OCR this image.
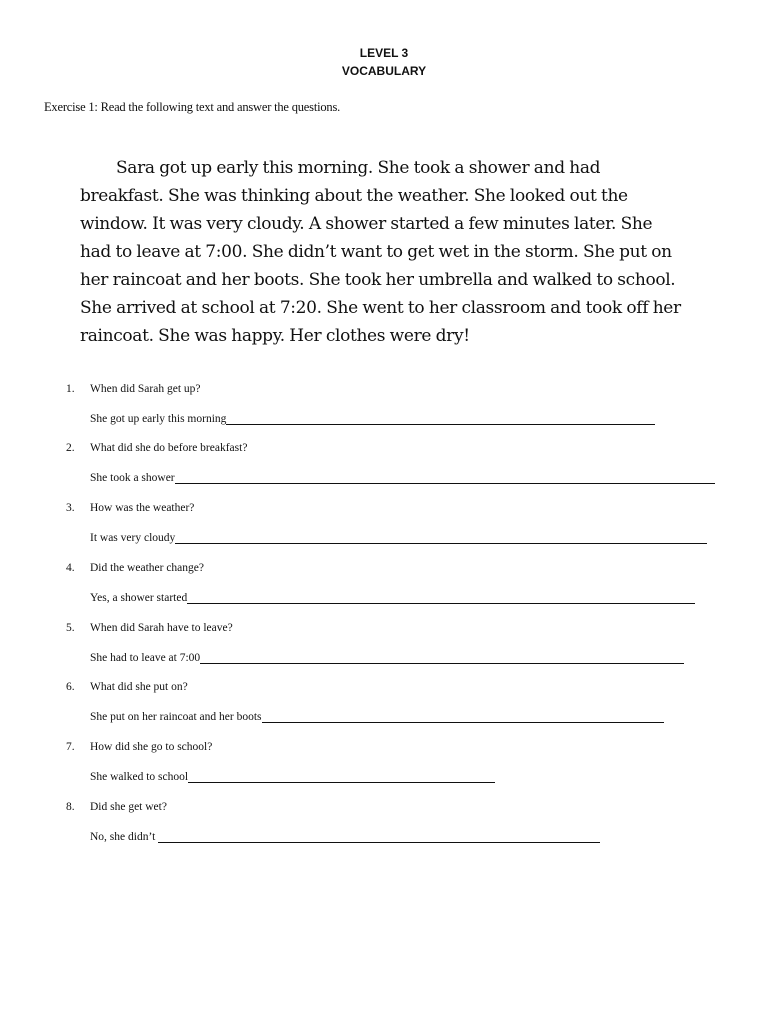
LEVEL 3
VOCABULARY
Exercise 1: Read the following text and answer the questions.
Sara got up early this morning. She took a shower and had
breakfast. She was thinking about the weather. She looked out the
window. It was very cloudy. A shower started a few minutes later. She
had to leave at 7:00. She didn’t want to get wet in the storm. She put on
her raincoat and her boots. She took her umbrella and walked to school.
She arrived at school at 7:20. She went to her classroom and took off her
raincoat. She was happy. Her clothes were dry!
1. When did Sarah get up?
She got up early this morning
2. What did she do before breakfast?
She took a shower
3. How was the weather?
It was very cloudy
4. Did the weather change?
Yes, a shower started
5. When did Sarah have to leave?
She had to leave at 7:00
6. What did she put on?
She put on her raincoat and her boots
7. How did she go to school?
She walked to school
8. Did she get wet?
No, she didn’t
